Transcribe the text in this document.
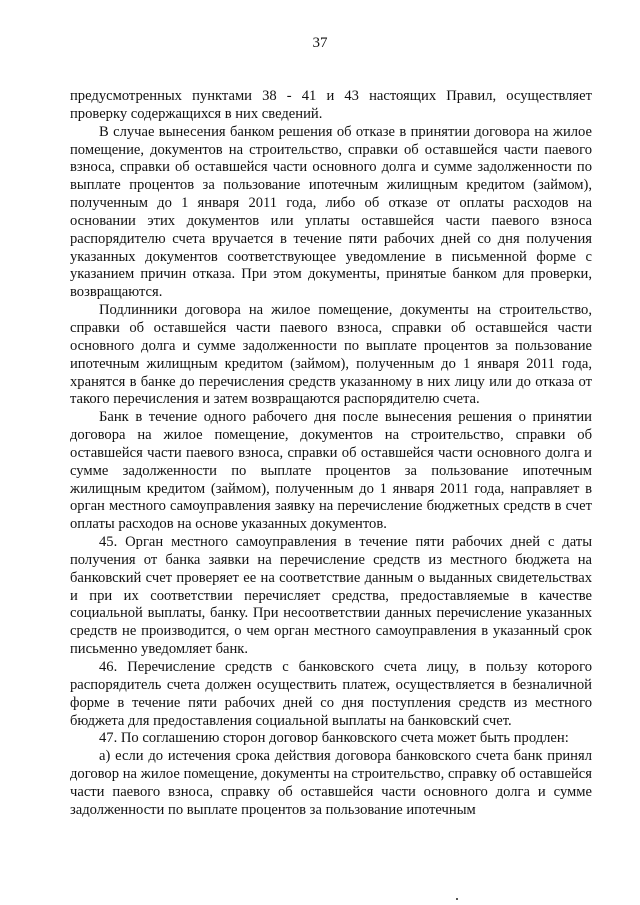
37

предусмотренных пунктами 38 - 41 и 43 настоящих Правил, осуществляет проверку содержащихся в них сведений.

В случае вынесения банком решения об отказе в принятии договора на жилое помещение, документов на строительство, справки об оставшейся части паевого взноса, справки об оставшейся части основного долга и сумме задолженности по выплате процентов за пользование ипотечным жилищным кредитом (займом), полученным до 1 января 2011 года, либо об отказе от оплаты расходов на основании этих документов или уплаты оставшейся части паевого взноса распорядителю счета вручается в течение пяти рабочих дней со дня получения указанных документов соответствующее уведомление в письменной форме с указанием причин отказа. При этом документы, принятые банком для проверки, возвращаются.

Подлинники договора на жилое помещение, документы на строительство, справки об оставшейся части паевого взноса, справки об оставшейся части основного долга и сумме задолженности по выплате процентов за пользование ипотечным жилищным кредитом (займом), полученным до 1 января 2011 года, хранятся в банке до перечисления средств указанному в них лицу или до отказа от такого перечисления и затем возвращаются распорядителю счета.

Банк в течение одного рабочего дня после вынесения решения о принятии договора на жилое помещение, документов на строительство, справки об оставшейся части паевого взноса, справки об оставшейся части основного долга и сумме задолженности по выплате процентов за пользование ипотечным жилищным кредитом (займом), полученным до 1 января 2011 года, направляет в орган местного самоуправления заявку на перечисление бюджетных средств в счет оплаты расходов на основе указанных документов.

45. Орган местного самоуправления в течение пяти рабочих дней с даты получения от банка заявки на перечисление средств из местного бюджета на банковский счет проверяет ее на соответствие данным о выданных свидетельствах и при их соответствии перечисляет средства, предоставляемые в качестве социальной выплаты, банку. При несоответствии данных перечисление указанных средств не производится, о чем орган местного самоуправления в указанный срок письменно уведомляет банк.

46. Перечисление средств с банковского счета лицу, в пользу которого распорядитель счета должен осуществить платеж, осуществляется в безналичной форме в течение пяти рабочих дней со дня поступления средств из местного бюджета для предоставления социальной выплаты на банковский счет.

47. По соглашению сторон договор банковского счета может быть продлен:

а) если до истечения срока действия договора банковского счета банк принял договор на жилое помещение, документы на строительство, справку об оставшейся части паевого взноса, справку об оставшейся части основного долга и сумме задолженности по выплате процентов за пользование ипотечным
